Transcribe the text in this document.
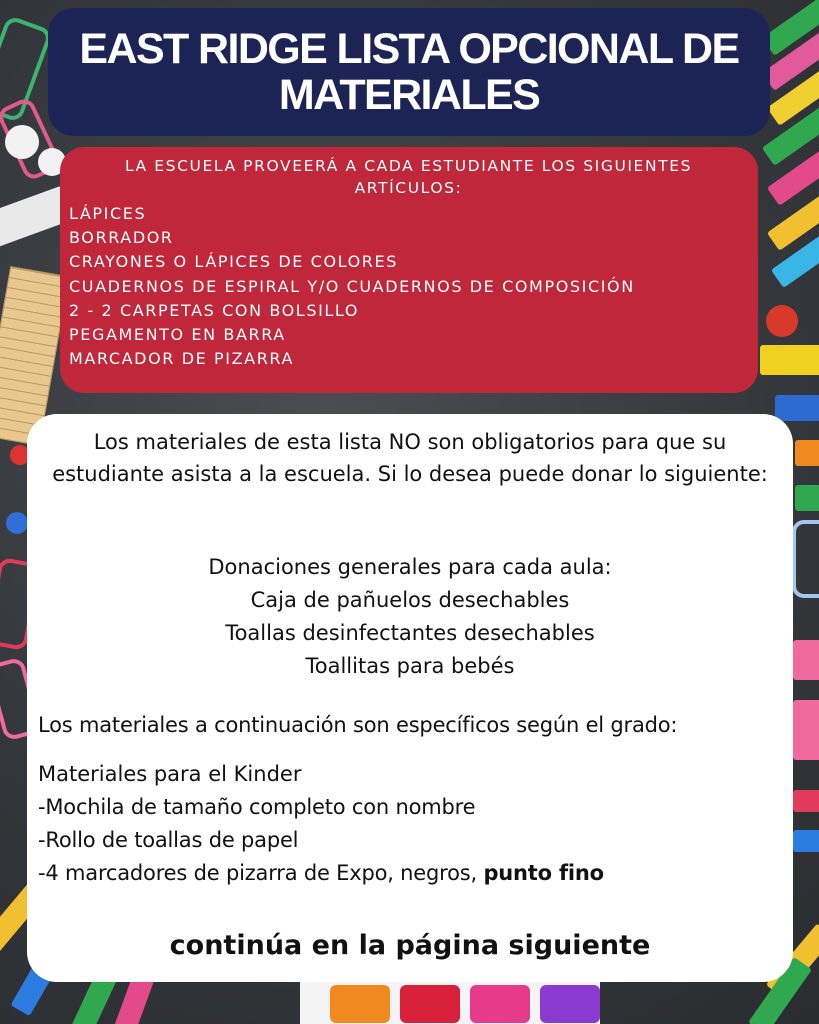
EAST RIDGE LISTA OPCIONAL DE MATERIALES
LA ESCUELA PROVEERÁ A CADA ESTUDIANTE LOS SIGUIENTES ARTÍCULOS:
LÁPICES
BORRADOR
CRAYONES O LÁPICES DE COLORES
CUADERNOS DE ESPIRAL Y/O CUADERNOS DE COMPOSICIÓN
2 - 2 CARPETAS CON BOLSILLO
PEGAMENTO EN BARRA
MARCADOR DE PIZARRA

Los materiales de esta lista NO son obligatorios para que su estudiante asista a la escuela. Si lo desea puede donar lo siguiente:

Donaciones generales para cada aula:
Caja de pañuelos desechables
Toallas desinfectantes desechables
Toallitas para bebés

Los materiales a continuación son específicos según el grado:

Materiales para el Kinder

-Mochila de tamaño completo con nombre
-Rollo de toallas de papel
-4 marcadores de pizarra de Expo, negros, punto fino

continúa en la página siguiente
